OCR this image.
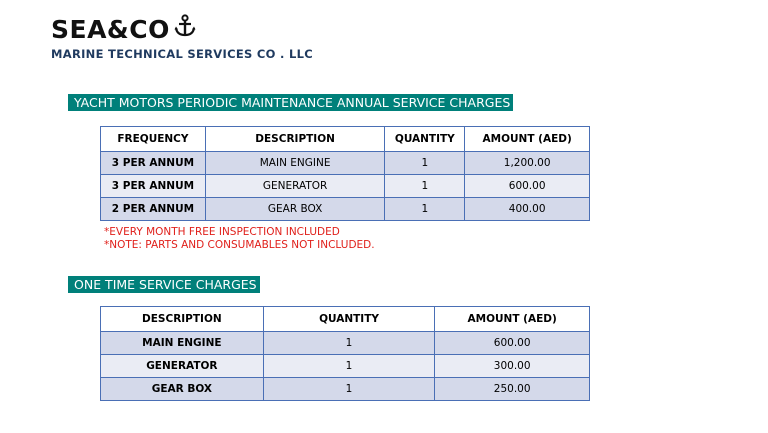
SEA&CO
MARINE TECHNICAL SERVICES CO . LLC
YACHT MOTORS PERIODIC MAINTENANCE ANNUAL SERVICE CHARGES
FREQUENCY	DESCRIPTION	QUANTITY	AMOUNT (AED)
3 PER ANNUM	MAIN ENGINE	1	1,200.00
3 PER ANNUM	GENERATOR	1	600.00
2 PER ANNUM	GEAR BOX	1	400.00
*EVERY MONTH FREE INSPECTION INCLUDED
*NOTE: PARTS AND CONSUMABLES NOT INCLUDED.
ONE TIME SERVICE CHARGES
DESCRIPTION	QUANTITY	AMOUNT (AED)
MAIN ENGINE	1	600.00
GENERATOR	1	300.00
GEAR BOX	1	250.00
